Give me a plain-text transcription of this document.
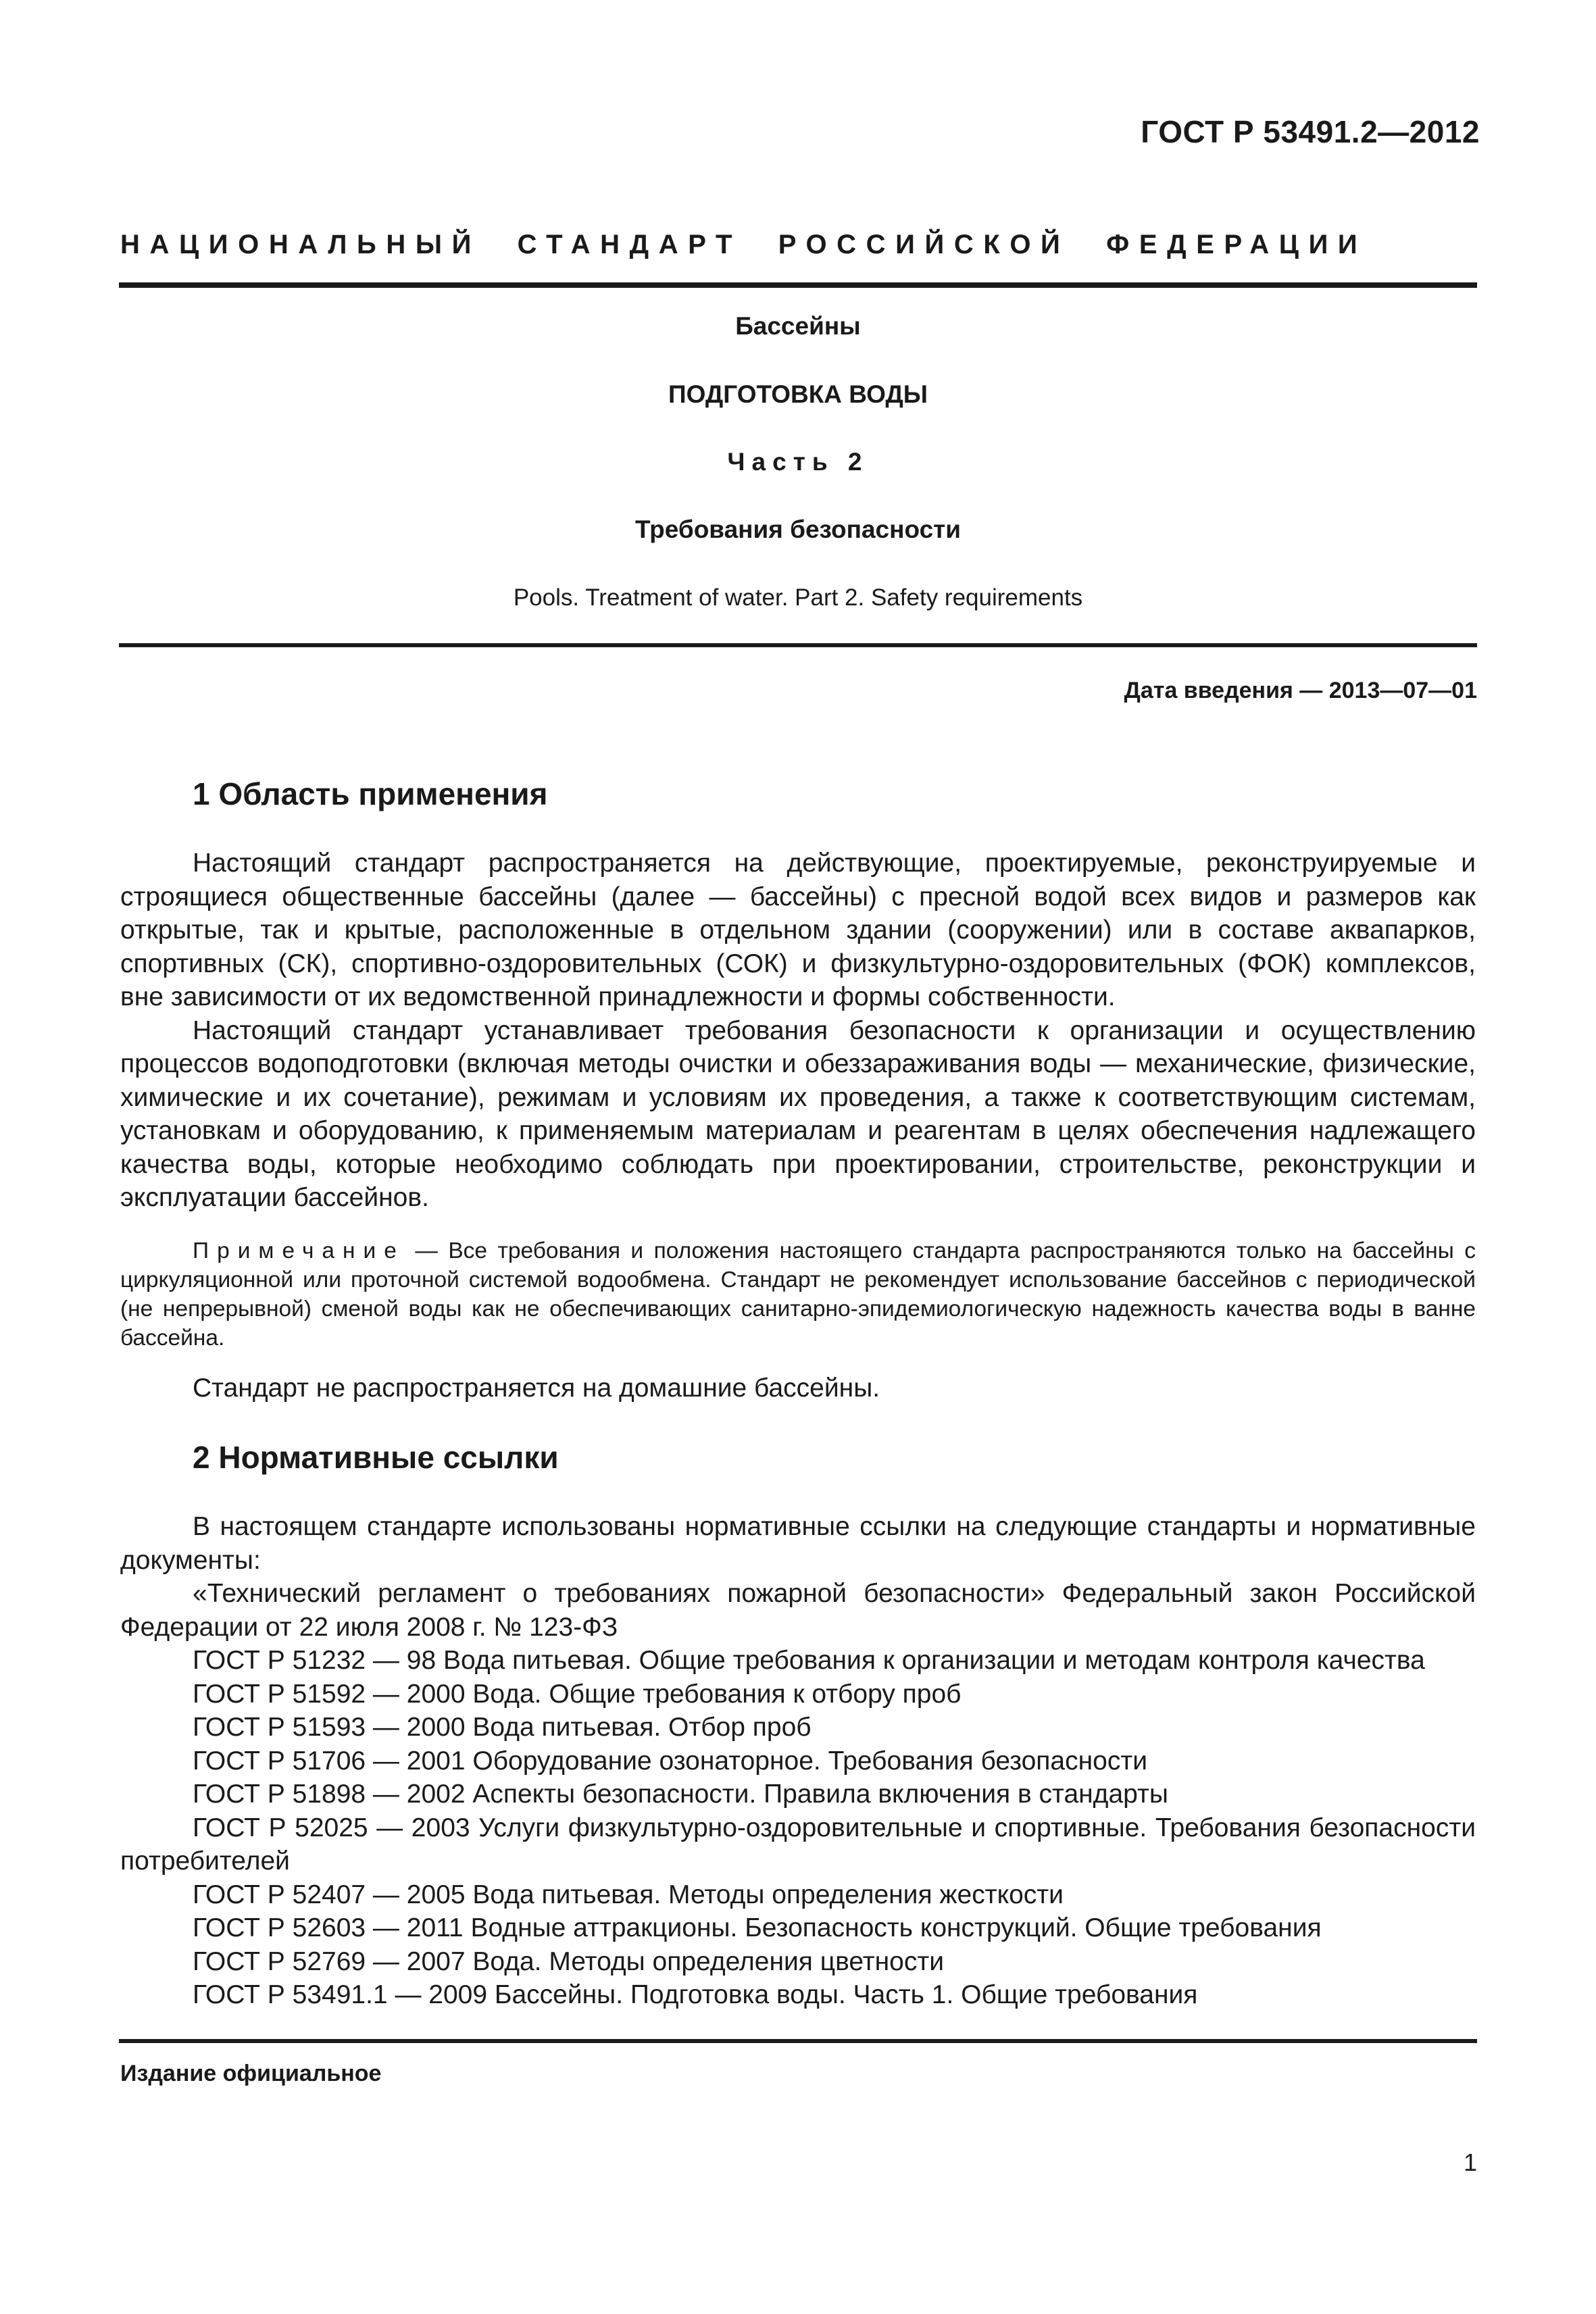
ГОСТ Р 53491.2—2012
НАЦИОНАЛЬНЫЙ СТАНДАРТ РОССИЙСКОЙ ФЕДЕРАЦИИ
Бассейны
ПОДГОТОВКА ВОДЫ
Часть 2
Требования безопасности
Pools. Treatment of water. Part 2. Safety requirements
Дата введения — 2013—07—01
1 Область применения

Настоящий стандарт распространяется на действующие, проектируемые, реконструируемые и строящиеся общественные бассейны (далее — бассейны) с пресной водой всех видов и размеров как открытые, так и крытые, расположенные в отдельном здании (сооружении) или в составе аквапарков, спортивных (СК), спортивно-оздоровительных (СОК) и физкультурно-оздоровительных (ФОК) комплексов, вне зависимости от их ведомственной принадлежности и формы собственности.

Настоящий стандарт устанавливает требования безопасности к организации и осуществлению процессов водоподготовки (включая методы очистки и обеззараживания воды — механические, физические, химические и их сочетание), режимам и условиям их проведения, а также к соответствующим системам, установкам и оборудованию, к применяемым материалам и реагентам в целях обеспечения надлежащего качества воды, которые необходимо соблюдать при проектировании, строительстве, реконструкции и эксплуатации бассейнов.

Примечание — Все требования и положения настоящего стандарта распространяются только на бассейны с циркуляционной или проточной системой водообмена. Стандарт не рекомендует использование бассейнов с периодической (не непрерывной) сменой воды как не обеспечивающих санитарно-эпидемиологическую надежность качества воды в ванне бассейна.

Стандарт не распространяется на домашние бассейны.

2 Нормативные ссылки

В настоящем стандарте использованы нормативные ссылки на следующие стандарты и нормативные документы:

«Технический регламент о требованиях пожарной безопасности» Федеральный закон Российской Федерации от 22 июля 2008 г. № 123-ФЗ

ГОСТ Р 51232 — 98 Вода питьевая. Общие требования к организации и методам контроля качества

ГОСТ Р 51592 — 2000 Вода. Общие требования к отбору проб

ГОСТ Р 51593 — 2000 Вода питьевая. Отбор проб

ГОСТ Р 51706 — 2001 Оборудование озонаторное. Требования безопасности

ГОСТ Р 51898 — 2002 Аспекты безопасности. Правила включения в стандарты

ГОСТ Р 52025 — 2003 Услуги физкультурно-оздоровительные и спортивные. Требования безопасности потребителей

ГОСТ Р 52407 — 2005 Вода питьевая. Методы определения жесткости

ГОСТ Р 52603 — 2011 Водные аттракционы. Безопасность конструкций. Общие требования

ГОСТ Р 52769 — 2007 Вода. Методы определения цветности

ГОСТ Р 53491.1 — 2009 Бассейны. Подготовка воды. Часть 1. Общие требования

Издание официальное
1
